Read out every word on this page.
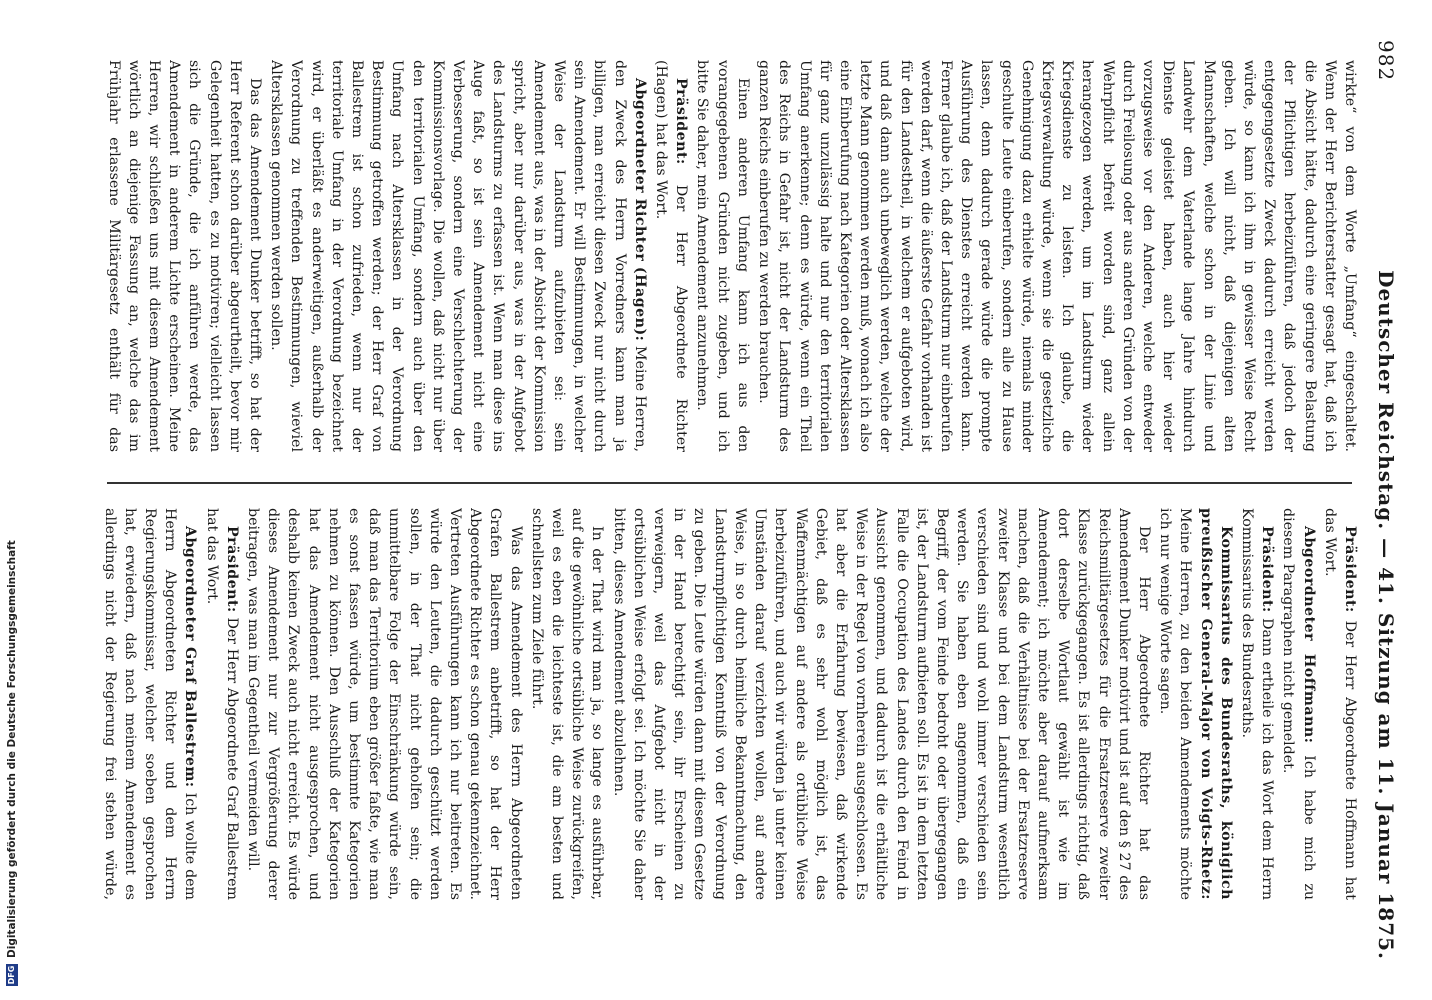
982
Deutscher Reichstag. — 41. Sitzung am 11. Januar 1875.

wirkte“ von dem Worte „Umfang“ eingeschaltet. Wenn der Herr Berichterstatter gesagt hat, daß ich die Absicht hätte, dadurch eine geringere Belastung der Pflichtigen herbeizuführen, daß jedoch der entgegengesetzte Zweck dadurch erreicht werden würde, so kann ich ihm in gewisser Weise Recht geben. Ich will nicht, daß diejenigen alten Mannschaften, welche schon in der Linie und Landwehr dem Vaterlande lange Jahre hindurch Dienste geleistet haben, auch hier wieder vorzugsweise vor den Anderen, welche entweder durch Freilosung oder aus anderen Gründen von der Wehrpflicht befreit worden sind, ganz allein herangezogen werden, um im Landsturm wieder Kriegsdienste zu leisten. Ich glaube, die Kriegsverwaltung würde, wenn sie die gesetzliche Genehmigung dazu erhielte würde, niemals minder geschulte Leute einberufen, sondern alle zu Hause lassen, denn dadurch gerade würde die prompte Ausführung des Dienstes erreicht werden kann. Ferner glaube ich, daß der Landsturm nur einberufen werden darf, wenn die äußerste Gefahr vorhanden ist für den Landestheil, in welchem er aufgeboten wird, und daß dann auch unbeweglich werden, welche der letzte Mann genommen werden muß, wonach ich also eine Einberufung nach Kategorien oder Altersklassen für ganz unzulässig halte und nur den territorialen Umfang anerkenne; denn es würde, wenn ein Theil des Reichs in Gefahr ist, nicht der Landsturm des ganzen Reichs einberufen zu werden brauchen.

Einen anderen Umfang kann ich aus den vorangegebenen Gründen nicht zugeben, und ich bitte Sie daher, mein Amendement anzunehmen.

Präsident: Der Herr Abgeordnete Richter (Hagen) hat das Wort.

Abgeordneter Richter (Hagen): Meine Herren, den Zweck des Herrn Vorredners kann man ja billigen, man erreicht diesen Zweck nur nicht durch sein Amendement. Er will Bestimmungen, in welcher Weise der Landsturm aufzubieten sei: sein Amendement aus, was in der Absicht der Kommission spricht, aber nur darüber aus, was in der Aufgebot des Landsturms zu erfassen ist. Wenn man diese ins Auge faßt, so ist sein Amendement nicht eine Verbesserung, sondern eine Verschlechterung der Kommissionsvorlage. Die wollen, daß nicht nur über den territorialen Umfang, sondern auch über den Umfang nach Altersklassen in der Verordnung Bestimmung getroffen werden; der Herr Graf von Ballestrem ist schon zufrieden, wenn nur der territoriale Umfang in der Verordnung bezeichnet wird, er überläßt es anderweitigen, außerhalb der Verordnung zu treffenden Bestimmungen, wieviel Altersklassen genommen werden sollen.

Das das Amendement Dunker betrifft, so hat der Herr Referent schon darüber abgeurtheilt, bevor mir Gelegenheit hatten, es zu motiviren; vielleicht lassen sich die Gründe, die ich anführen werde, das Amendement in anderem Lichte erscheinen. Meine Herren, wir schließen uns mit diesem Amendement wörtlich an diejenige Fassung an, welche das im Frühjahr erlassene Militärgesetz enthält für das

Präsident: Der Herr Abgeordnete Hoffmann hat das Wort.

Abgeordneter Hoffmann: Ich habe mich zu diesem Paragraphen nicht gemeldet.

Präsident: Dann ertheile ich das Wort dem Herrn Kommissarius des Bundesraths.

Kommissarius des Bundesraths, königlich preußischer General-Major von Voigts-Rhetz: Meine Herren, zu den beiden Amendements möchte ich nur wenige Worte sagen.

Der Herr Abgeordnete Richter hat das Amendement Dunker motivirt und ist auf den § 27 des Reichsmilitärgesetzes für die Ersatzreserve zweiter Klasse zurückgegangen. Es ist allerdings richtig, daß dort derselbe Wortlaut gewählt ist wie im Amendement; ich möchte aber darauf aufmerksam machen, daß die Verhältnisse bei der Ersatzreserve zweiter Klasse und bei dem Landsturm wesentlich verschieden sind und wohl immer verschieden sein werden. Sie haben eben angenommen, daß ein Begriff, der vom Feinde bedroht oder übergegangen ist, der Landsturm aufbieten soll. Es ist in dem letzten Falle die Occupation des Landes durch den Feind in Aussicht genommen, und dadurch ist die erhältliche Weise in der Regel von vornherein ausgeschlossen. Es hat aber die Erfahrung bewiesen, daß wirkende Gebiet, daß es sehr wohl möglich ist, das Waffenmächtigen auf andere als ortübliche Weise herbeizuführen, und auch wir würden ja unter keinen Umständen darauf verzichten wollen, auf andere Weise, in so durch heimliche Bekanntmachung, den Landsturmpflichtigen Kenntniß von der Verordnung zu geben. Die Leute würden dann mit diesem Gesetze in der Hand berechtigt sein, ihr Erscheinen zu verweigern, weil das Aufgebot nicht in der ortsüblichen Weise erfolgt sei. Ich möchte Sie daher bitten, dieses Amendement abzulehnen.

In der That wird man ja, so lange es ausführbar, auf die gewöhnliche ortsübliche Weise zurückgreifen, weil es eben die leichteste ist, die am besten und schnellsten zum Ziele führt.

Was das Amendement des Herrn Abgeordneten Grafen Ballestrem anbetrifft, so hat der Herr Abgeordnete Richter es schon genau gekennzeichnet. Vertreten Ausführungen kann ich nur beitreten. Es würde den Leuten, die dadurch geschützt werden sollen, in der That nicht geholfen sein; die unmittelbare Folge der Einschränkung würde sein, daß man das Territorium eben größer faßte, wie man es sonst fassen würde, um bestimmte Kategorien nehmen zu können. Den Ausschluß der Kategorien hat das Amendement nicht ausgesprochen, und deshalb keinen Zweck auch nicht erreicht. Es würde dieses Amendement nur zur Vergrößerung derer beitragen, was man im Gegentheil vermeiden will.

Präsident: Der Herr Abgeordnete Graf Ballestrem hat das Wort.

Abgeordneter Graf Ballestrem: Ich wollte dem Herrn Abgeordneten Richter und dem Herrn Regierungskommissar, welcher soeben gesprochen hat, erwiedern, daß nach meinem Amendement es allerdings nicht der Regierung frei stehen würde,

DFG
Digitalisierung gefördert durch die Deutsche Forschungsgemeinschaft
